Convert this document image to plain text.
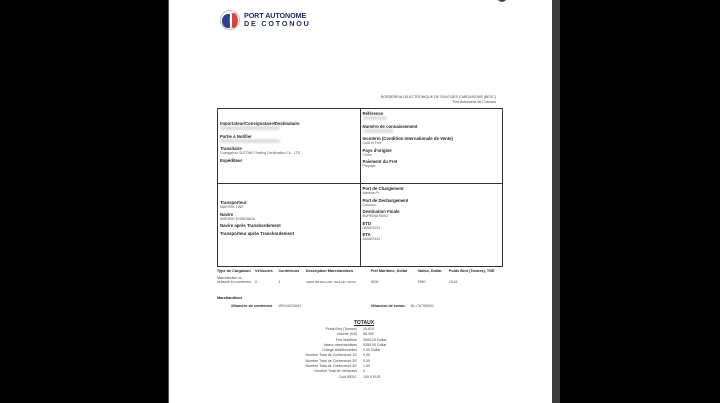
PORT AUTONOME
DE COTONOU
BORDEREAU ELECTRONIQUE DE SUIVI DES CARGAISONS (BESC)
Port Autonome de Cotonou
Importateur/Consignataire/Destinataire
Partie à Notifier
Transitaire
Guangzhou SUTONG Testing Certification Co., LTD
Expéditeur
Référence
Numéro de connaissement
Incoterm (Condition Internationale de Vente)
Coût et Fret
Pays d'origine
Chine
Paiement du Fret
Prépayé
Transporteur
MAERSK LINE
Navire
MAERSK ENSENADA
Navire après Transbordement
Transporteur après Transbordement
Port de Chargement
Nansha Pt
Port de Dechargement
Cotonou
Destination Finale
BURKINA FASO
ETD
08/05/2024
ETA
16/06/2024
Type de Cargaison	Véhicules	Conteneurs	Description Marchandises	Fret Maritime, Dollar	Valeur, Dollar	Poids Brut (Tonnes), TNE
Marchandise ou véhicule en conteneur	0	1	USED BOXES AND TROLLEY BAGS	3000	5350	15.61
Marchandises
#Numéro de conteneur MRKU6234083	#Numéro de scea​u ML-CN7969002
TOTAUX
Poids Brut (Tonnes)	15.610
Volume (m3)	58.000
Fret Maritime	3000.00 Dollar
Valeur marchandises	5350.00 Dollar
Charge Additionnelles	0.00 Dollar
Nombre Total de Conteneurs 10'	0.00
Nombre Total de Conteneurs 20'	0.00
Nombre Total de Conteneurs 40'	1.00
Nombre Total de Vehicules	0
Coût BESC	100.0 EUR
